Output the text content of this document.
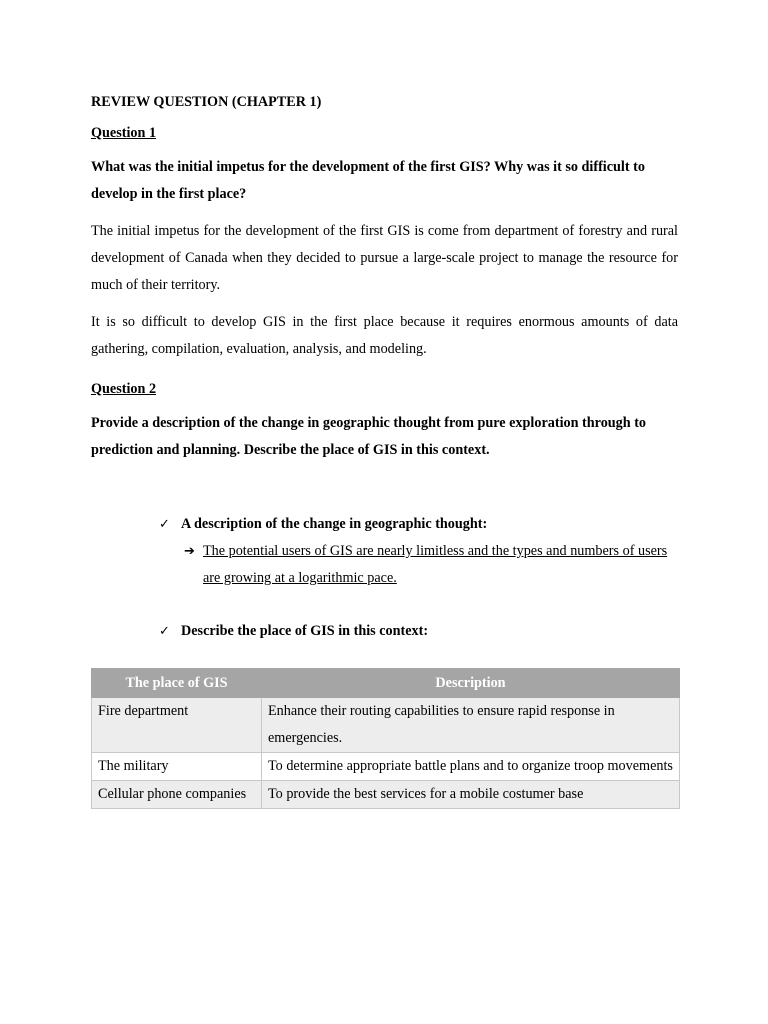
REVIEW QUESTION (CHAPTER 1)
Question 1
What was the initial impetus for the development of the first GIS? Why was it so difficult to develop in the first place?
The initial impetus for the development of the first GIS is come from department of forestry and rural development of Canada when they decided to pursue a large-scale project to manage the resource for much of their territory.
It is so difficult to develop GIS in the first place because it requires enormous amounts of data gathering, compilation, evaluation, analysis, and modeling.
Question 2
Provide a description of the change in geographic thought from pure exploration through to prediction and planning. Describe the place of GIS in this context.
✓ A description of the change in geographic thought:
➔ The potential users of GIS are nearly limitless and the types and numbers of users are growing at a logarithmic pace.
✓ Describe the place of GIS in this context:
The place of GIS	Description
Fire department	Enhance their routing capabilities to ensure rapid response in emergencies.
The military	To determine appropriate battle plans and to organize troop movements
Cellular phone companies	To provide the best services for a mobile costumer base
